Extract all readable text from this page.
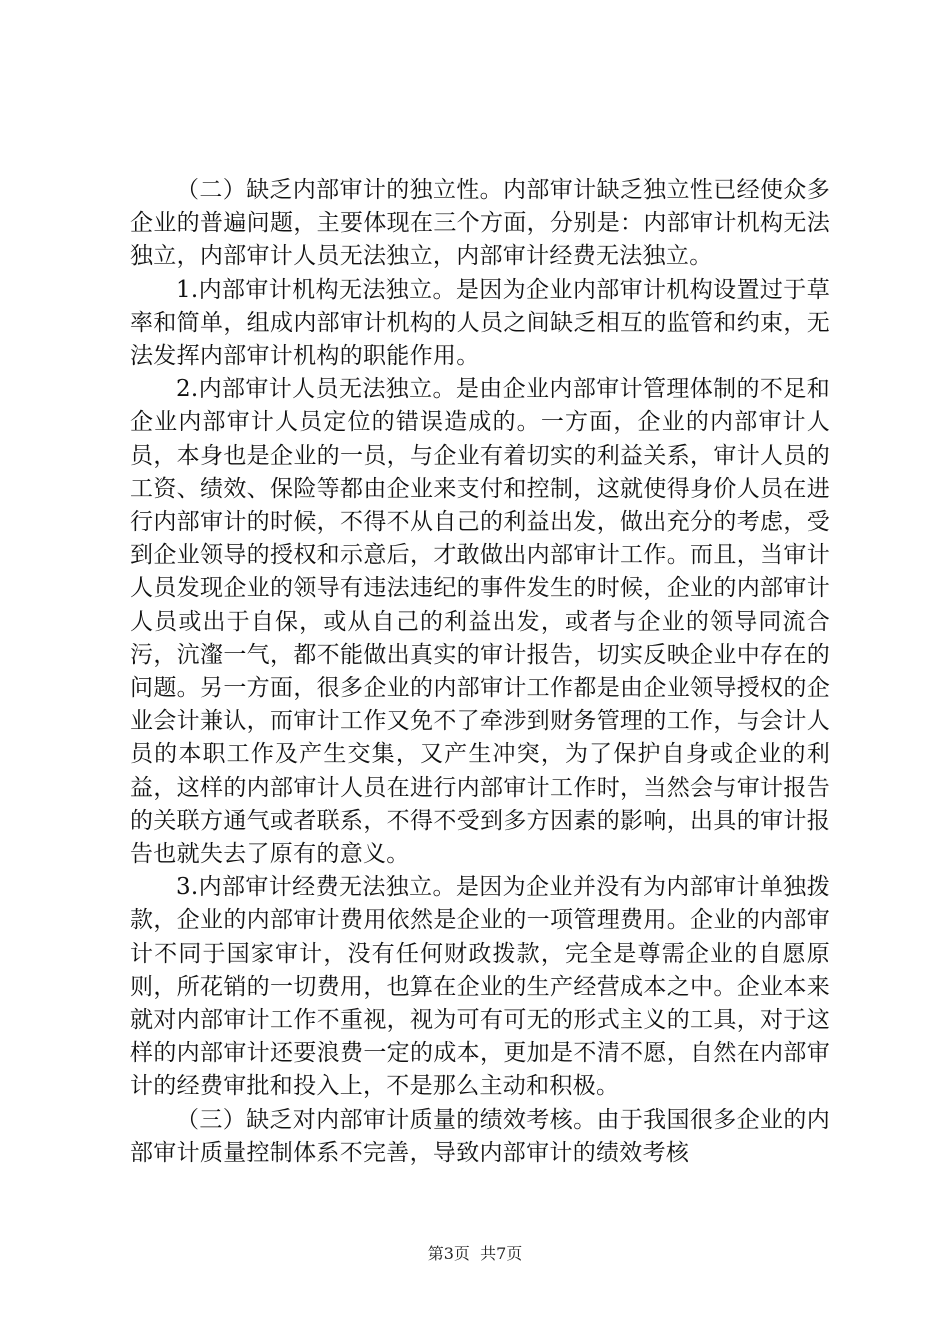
（二）缺乏内部审计的独立性。内部审计缺乏独立性已经使众多企业的普遍问题，主要体现在三个方面，分别是：内部审计机构无法独立，内部审计人员无法独立，内部审计经费无法独立。

1.内部审计机构无法独立。是因为企业内部审计机构设置过于草率和简单，组成内部审计机构的人员之间缺乏相互的监管和约束，无法发挥内部审计机构的职能作用。

2.内部审计人员无法独立。是由企业内部审计管理体制的不足和企业内部审计人员定位的错误造成的。一方面，企业的内部审计人员，本身也是企业的一员，与企业有着切实的利益关系，审计人员的工资、绩效、保险等都由企业来支付和控制，这就使得身价人员在进行内部审计的时候，不得不从自己的利益出发，做出充分的考虑，受到企业领导的授权和示意后，才敢做出内部审计工作。而且，当审计人员发现企业的领导有违法违纪的事件发生的时候，企业的内部审计人员或出于自保，或从自己的利益出发，或者与企业的领导同流合污，沆瀣一气，都不能做出真实的审计报告，切实反映企业中存在的问题。另一方面，很多企业的内部审计工作都是由企业领导授权的企业会计兼认，而审计工作又免不了牵涉到财务管理的工作，与会计人员的本职工作及产生交集，又产生冲突，为了保护自身或企业的利益，这样的内部审计人员在进行内部审计工作时，当然会与审计报告的关联方通气或者联系，不得不受到多方因素的影响，出具的审计报告也就失去了原有的意义。

3.内部审计经费无法独立。是因为企业并没有为内部审计单独拨款，企业的内部审计费用依然是企业的一项管理费用。企业的内部审计不同于国家审计，没有任何财政拨款，完全是尊需企业的自愿原则，所花销的一切费用，也算在企业的生产经营成本之中。企业本来就对内部审计工作不重视，视为可有可无的形式主义的工具，对于这样的内部审计还要浪费一定的成本，更加是不清不愿，自然在内部审计的经费审批和投入上，不是那么主动和积极。

（三）缺乏对内部审计质量的绩效考核。由于我国很多企业的内部审计质量控制体系不完善，导致内部审计的绩效考核

第3页  共7页
